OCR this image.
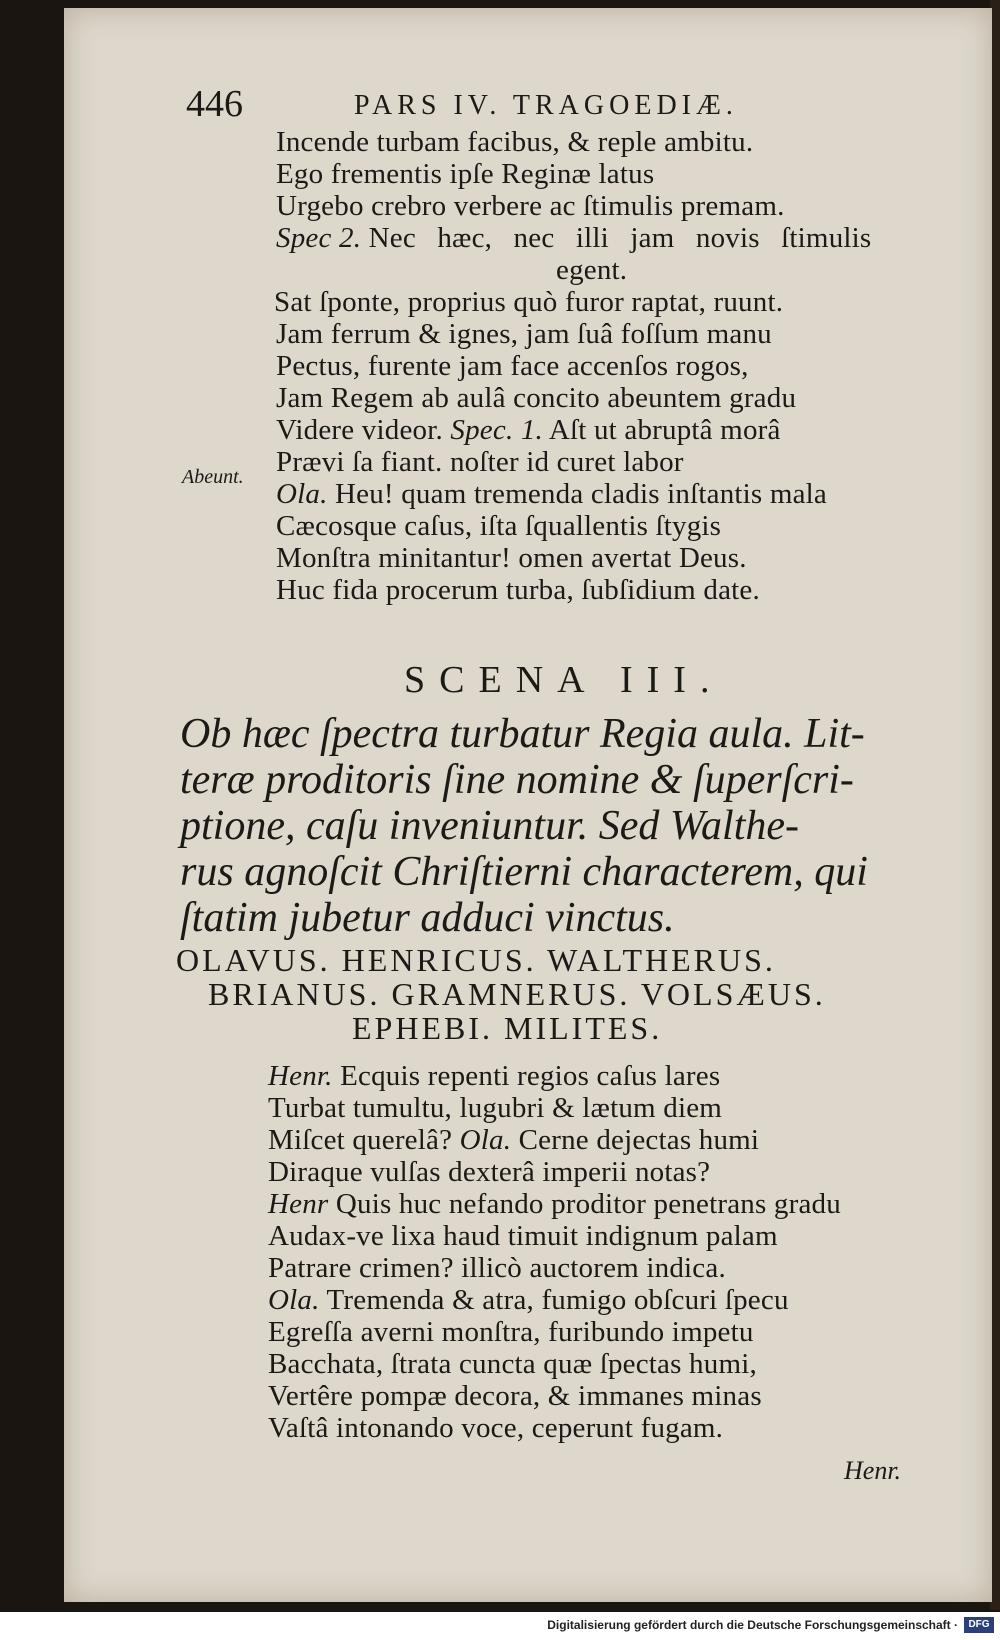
446	PARS IV. TRAGOEDIÆ.
Abeunt.
Incende turbam facibus, & reple ambitu.
Ego frementis ipſe Reginæ latus
Urgebo crebro verbere ac ſtimulis premam.
Spec 2. Nec hæc, nec illi jam novis ſtimulis
egent.
Sat ſponte, proprius quò furor raptat, ruunt.
Jam ferrum & ignes, jam ſuâ foſſum manu
Pectus, furente jam face accenſos rogos,
Jam Regem ab aulâ concito abeuntem gradu
Videre videor. Spec. 1. Aſt ut abruptâ morâ
Prævi ſa fiant. noſter id curet labor
Ola. Heu! quam tremenda cladis inſtantis mala
Cæcosque caſus, iſta ſquallentis ſtygis
Monſtra minitantur! omen avertat Deus.
Huc fida procerum turba, ſubſidium date.
SCENA III.
Ob hæc ſpectra turbatur Regia aula. Lit-
teræ proditoris ſine nomine & ſuperſcri-
ptione, caſu inveniuntur. Sed Walthe-
rus agnoſcit Chriſtierni characterem, qui
ſtatim jubetur adduci vinctus.
OLAVUS. HENRICUS. WALTHERUS.
BRIANUS. GRAMNERUS. VOLSÆUS.
EPHEBI. MILITES.
Henr. Ecquis repenti regios caſus lares
Turbat tumultu, lugubri & lætum diem
Miſcet querelâ? Ola. Cerne dejectas humi
Diraque vulſas dexterâ imperii notas?
Henr Quis huc nefando proditor penetrans gradu
Audax-ve lixa haud timuit indignum palam
Patrare crimen? illicò auctorem indica.
Ola. Tremenda & atra, fumigo obſcuri ſpecu
Egreſſa averni monſtra, furibundo impetu
Bacchata, ſtrata cuncta quæ ſpectas humi,
Vertêre pompæ decora, & immanes minas
Vaſtâ intonando voce, ceperunt fugam.
Henr.
Digitalisierung gefördert durch die Deutsche Forschungsgemeinschaft ·	DFG
